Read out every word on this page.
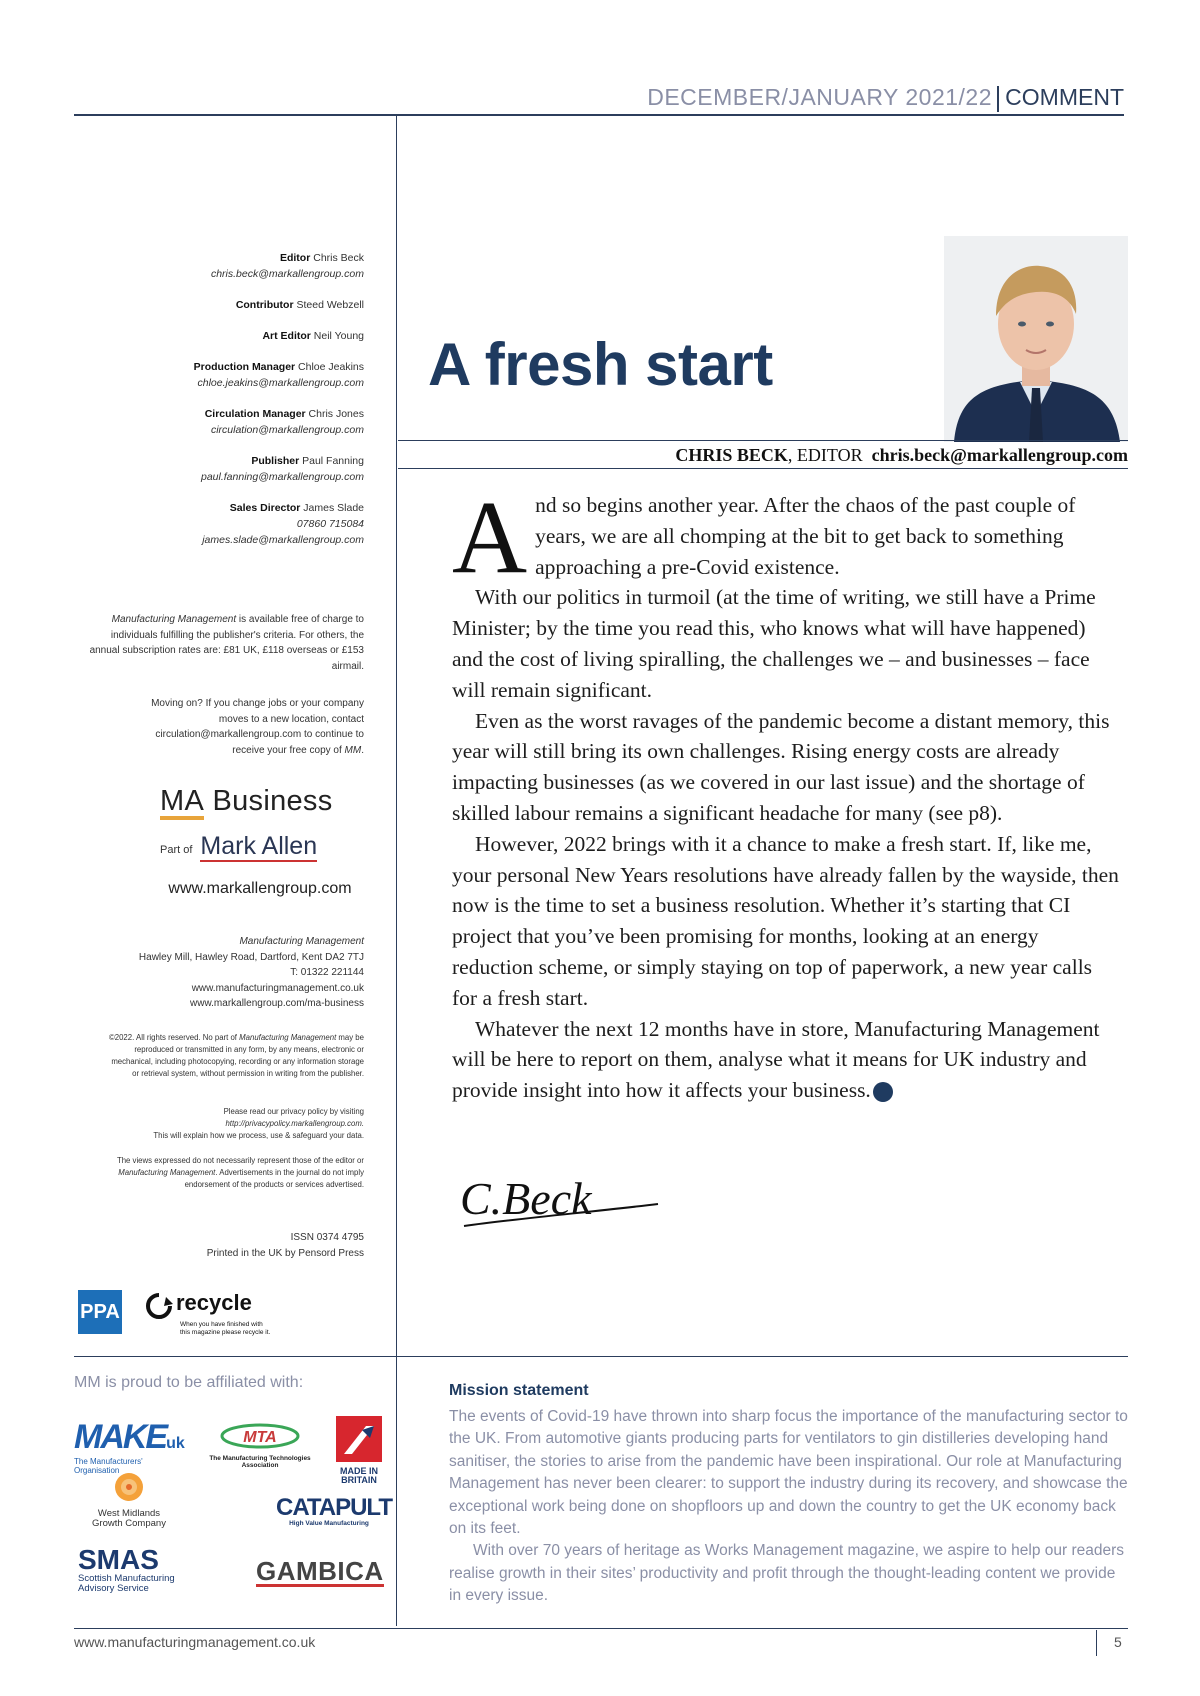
DECEMBER/JANUARY 2021/22 COMMENT
Editor Chris Beck
chris.beck@markallengroup.com
Contributor Steed Webzell
Art Editor Neil Young
Production Manager Chloe Jeakins
chloe.jeakins@markallengroup.com
Circulation Manager Chris Jones
circulation@markallengroup.com
Publisher Paul Fanning
paul.fanning@markallengroup.com
Sales Director James Slade
07860 715084
james.slade@markallengroup.com
Manufacturing Management is available free of charge to individuals fulfilling the publisher's criteria. For others, the annual subscription rates are: £81 UK, £118 overseas or £153 airmail.
Moving on? If you change jobs or your company moves to a new location, contact circulation@markallengroup.com to continue to receive your free copy of MM.
MA Business
Part of Mark Allen
www.markallengroup.com
Manufacturing Management
Hawley Mill, Hawley Road, Dartford, Kent DA2 7TJ
T: 01322 221144
www.manufacturingmanagement.co.uk
www.markallengroup.com/ma-business
©2022. All rights reserved. No part of Manufacturing Management may be reproduced or transmitted in any form, by any means, electronic or mechanical, including photocopying, recording or any information storage or retrieval system, without permission in writing from the publisher.
Please read our privacy policy by visiting
http://privacypolicy.markallengroup.com.
This will explain how we process, use & safeguard your data.
The views expressed do not necessarily represent those of the editor or Manufacturing Management. Advertisements in the journal do not imply endorsement of the products or services advertised.
ISSN 0374 4795
Printed in the UK by Pensord Press
PPA	recycle
When you have finished with
this magazine please recycle it.
A fresh start
CHRIS BECK, EDITOR chris.beck@markallengroup.com

And so begins another year. After the chaos of the past couple of years, we are all chomping at the bit to get back to something approaching a pre-Covid existence.

With our politics in turmoil (at the time of writing, we still have a Prime Minister; by the time you read this, who knows what will have happened) and the cost of living spiralling, the challenges we – and businesses – face will remain significant.

Even as the worst ravages of the pandemic become a distant memory, this year will still bring its own challenges. Rising energy costs are already impacting businesses (as we covered in our last issue) and the shortage of skilled labour remains a significant headache for many (see p8).

However, 2022 brings with it a chance to make a fresh start. If, like me, your personal New Years resolutions have already fallen by the wayside, then now is the time to set a business resolution. Whether it’s starting that CI project that you’ve been promising for months, looking at an energy reduction scheme, or simply staying on top of paperwork, a new year calls for a fresh start.

Whatever the next 12 months have in store, Manufacturing Management will be here to report on them, analyse what it means for UK industry and provide insight into how it affects your business. M

C.Beck
MM is proud to be affiliated with:
MAKEuk
The Manufacturers' Organisation
MTA
The Manufacturing Technologies
Association
MADE IN
BRITAIN
West Midlands
Growth Company
CATAPULT
High Value Manufacturing
SMAS
Scottish Manufacturing
Advisory Service
GAMBICA
Mission statement

The events of Covid-19 have thrown into sharp focus the importance of the manufacturing sector to the UK. From automotive giants producing parts for ventilators to gin distilleries developing hand sanitiser, the stories to arise from the pandemic have been inspirational. Our role at Manufacturing Management has never been clearer: to support the industry during its recovery, and showcase the exceptional work being done on shopfloors up and down the country to get the UK economy back on its feet.

With over 70 years of heritage as Works Management magazine, we aspire to help our readers realise growth in their sites’ productivity and profit through the thought-leading content we provide in every issue.

www.manufacturingmanagement.co.uk	5
